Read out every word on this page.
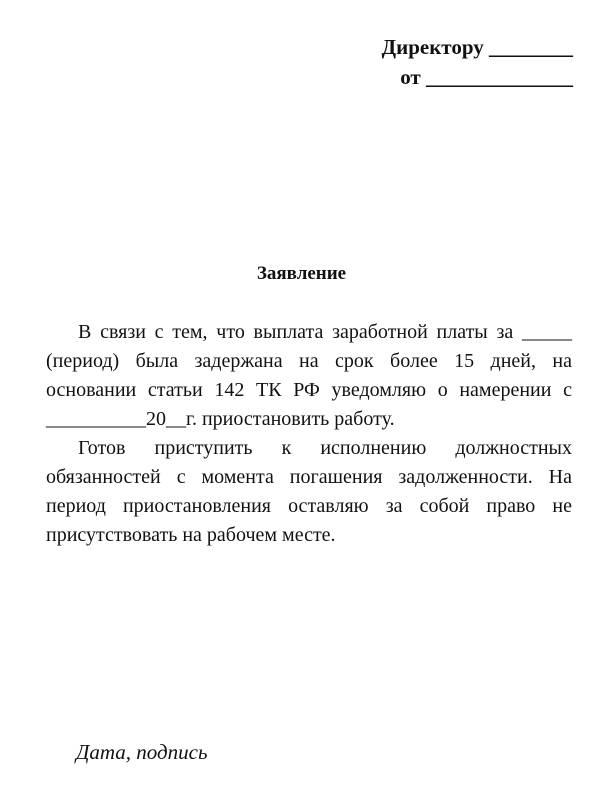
Директору ________
от ______________
Заявление

В связи с тем, что выплата заработной платы за _____ (период) была задержана на срок более 15 дней, на основании статьи 142 ТК РФ уведомляю о намерении с __________20__г. приостановить работу.

Готов приступить к исполнению должностных обязанностей с момента погашения задолженности. На период приостановления оставляю за собой право не присутствовать на рабочем месте.

Дата, подпись
